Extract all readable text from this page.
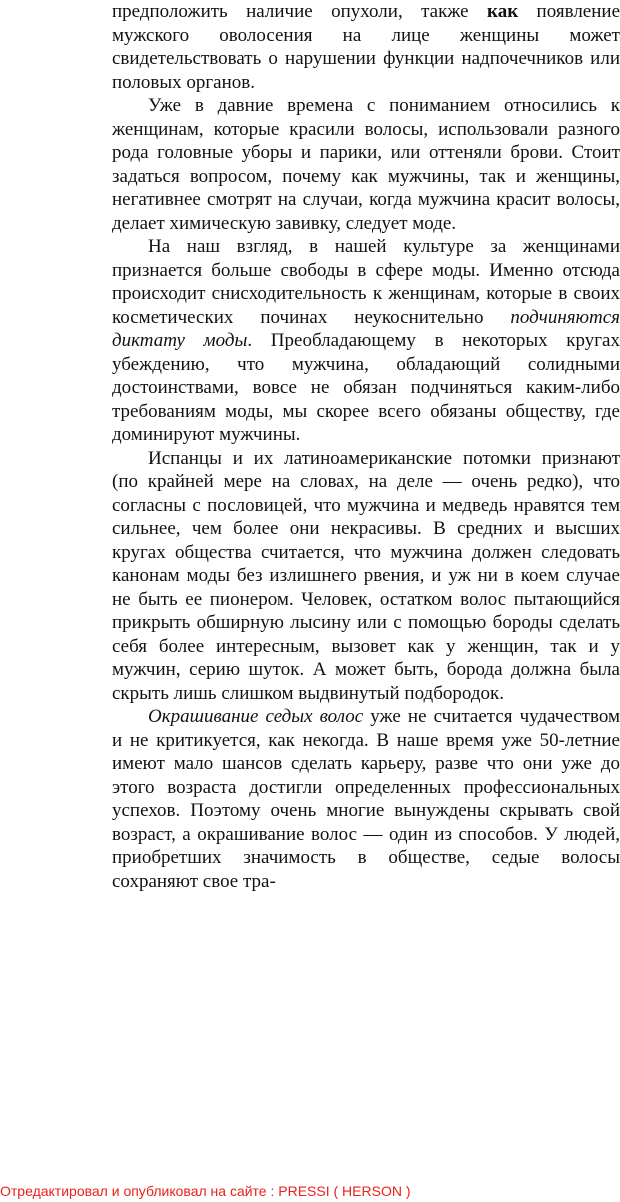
предположить наличие опухоли, также как появление мужского оволосения на лице женщины может свидетельствовать о нарушении функции надпочечников или половых органов.

Уже в давние времена с пониманием относились к женщинам, которые красили волосы, использовали разного рода головные уборы и парики, или оттеняли брови. Стоит задаться вопросом, почему как мужчины, так и женщины, негативнее смотрят на случаи, когда мужчина красит волосы, делает химическую завивку, следует моде.

На наш взгляд, в нашей культуре за женщинами признается больше свободы в сфере моды. Именно отсюда происходит снисходительность к женщинам, которые в своих косметических починах неукоснительно подчиняются диктату моды. Преобладающему в некоторых кругах убеждению, что мужчина, обладающий солидными достоинствами, вовсе не обязан подчиняться каким-либо требованиям моды, мы скорее всего обязаны обществу, где доминируют мужчины.

Испанцы и их латиноамериканские потомки признают (по крайней мере на словах, на деле — очень редко), что согласны с пословицей, что мужчина и медведь нравятся тем сильнее, чем более они некрасивы. В средних и высших кругах общества считается, что мужчина должен следовать канонам моды без излишнего рвения, и уж ни в коем случае не быть ее пионером. Человек, остатком волос пытающийся прикрыть обширную лысину или с помощью бороды сделать себя более интересным, вызовет как у женщин, так и у мужчин, серию шуток. А может быть, борода должна была скрыть лишь слишком выдвинутый подбородок.

Окрашивание седых волос уже не считается чудачеством и не критикуется, как некогда. В наше время уже 50-летние имеют мало шансов сделать карьеру, разве что они уже до этого возраста достигли определенных профессиональных успехов. Поэтому очень многие вынуждены скрывать свой возраст, а окрашивание волос — один из способов. У людей, приобретших значимость в обществе, седые волосы сохраняют свое тра-

Отредактировал и опубликовал на сайте : PRESSI ( HERSON )
